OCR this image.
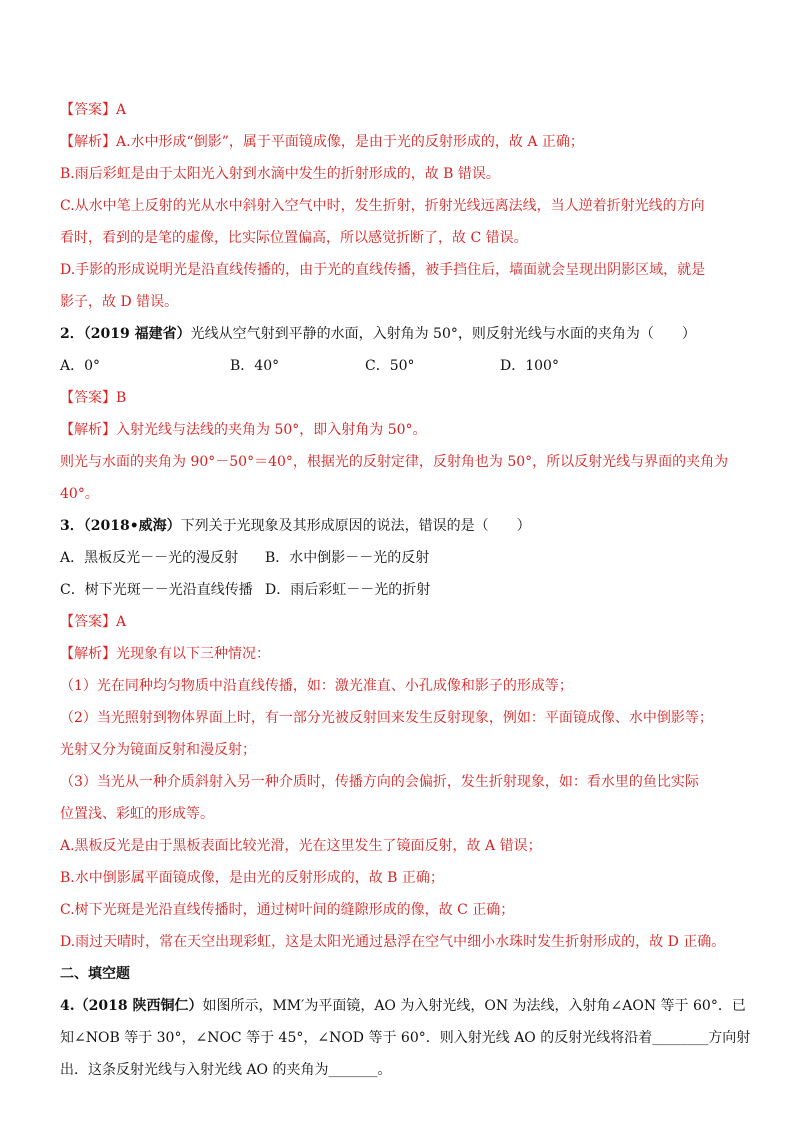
【答案】A
【解析】A.水中形成“倒影”，属于平面镜成像，是由于光的反射形成的，故 A 正确；
B.雨后彩虹是由于太阳光入射到水滴中发生的折射形成的，故 B 错误。
C.从水中笔上反射的光从水中斜射入空气中时，发生折射，折射光线远离法线，当人逆着折射光线的方向
看时，看到的是笔的虚像，比实际位置偏高，所以感觉折断了，故 C 错误。
D.手影的形成说明光是沿直线传播的，由于光的直线传播，被手挡住后，墙面就会呈现出阴影区域，就是
影子，故 D 错误。
2．（2019 福建省）光线从空气射到平静的水面，入射角为 50°，则反射光线与水面的夹角为（　　）
A．0°	B．40°	C．50°	D．100°
【答案】B
【解析】入射光线与法线的夹角为 50°，即入射角为 50°。
则光与水面的夹角为 90°－50°＝40°，根据光的反射定律，反射角也为 50°，所以反射光线与界面的夹角为
40°。
3．（2018•威海）下列关于光现象及其形成原因的说法，错误的是（　　）
A．黑板反光－－光的漫反射 B．水中倒影－－光的反射
C．树下光斑－－光沿直线传播 D．雨后彩虹－－光的折射
【答案】A
【解析】光现象有以下三种情况：
（1）光在同种均匀物质中沿直线传播，如：激光准直、小孔成像和影子的形成等；
（2）当光照射到物体界面上时，有一部分光被反射回来发生反射现象，例如：平面镜成像、水中倒影等；
光射又分为镜面反射和漫反射；
（3）当光从一种介质斜射入另一种介质时，传播方向的会偏折，发生折射现象，如：看水里的鱼比实际
位置浅、彩虹的形成等。
A.黑板反光是由于黑板表面比较光滑，光在这里发生了镜面反射，故 A 错误；
B.水中倒影属平面镜成像，是由光的反射形成的，故 B 正确；
C.树下光斑是光沿直线传播时，通过树叶间的缝隙形成的像，故 C 正确；
D.雨过天晴时，常在天空出现彩虹，这是太阳光通过悬浮在空气中细小水珠时发生折射形成的，故 D 正确。
二、填空题
4.（2018 陕西铜仁）如图所示，MM′为平面镜，AO 为入射光线，ON 为法线，入射角∠AON 等于 60°．已
知∠NOB 等于 30°，∠NOC 等于 45°，∠NOD 等于 60°．则入射光线 AO 的反射光线将沿着________方向射
出．这条反射光线与入射光线 AO 的夹角为_______。
